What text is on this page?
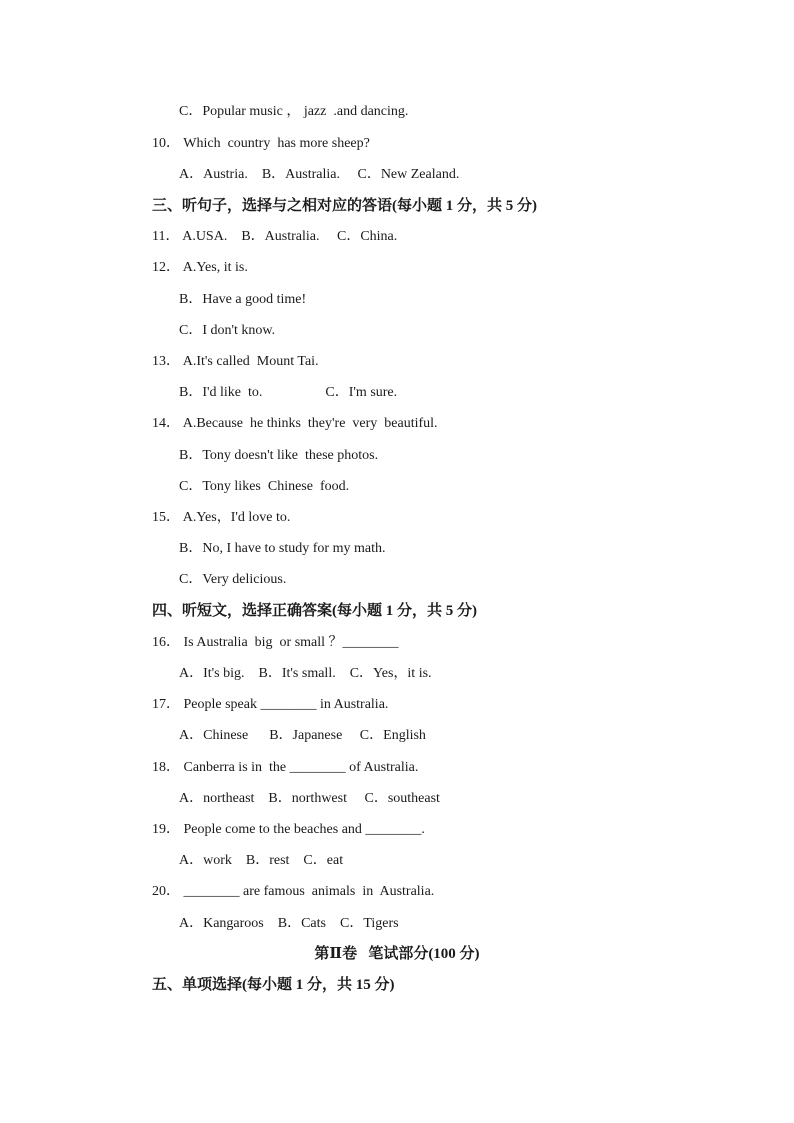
C．Popular music ， jazz  .and dancing.
10． Which  country  has more sheep?
A．Austria.    B．Australia.     C．New Zealand.
三、听句子，选择与之相对应的答语(每小题 1 分，共 5 分)
11． A.USA.    B．Australia.     C．China.
12． A.Yes, it is.
B．Have a good time!
C．I don't know.
13． A.It's called  Mount Tai.
B．I'd like  to.                  C．I'm sure.
14． A.Because  he thinks  they're  very  beautiful.
B．Tony doesn't like  these photos.
C．Tony likes  Chinese  food.
15． A.Yes，I'd love to.
B．No, I have to study for my math.
C．Very delicious.
四、听短文，选择正确答案(每小题 1 分，共 5 分)
16． Is Australia  big  or small ？________
A．It's big.    B．It's small.    C．Yes，it is.
17． People speak ________ in Australia.
A．Chinese      B．Japanese     C．English
18． Canberra is in  the ________ of Australia.
A．northeast    B．northwest     C．southeast
19． People come to the beaches and ________.
A．work    B．rest    C．eat
20． ________ are famous  animals  in  Australia.
A．Kangaroos    B．Cats    C．Tigers
第Ⅱ卷   笔试部分(100 分)
五、单项选择(每小题 1 分，共 15 分)
